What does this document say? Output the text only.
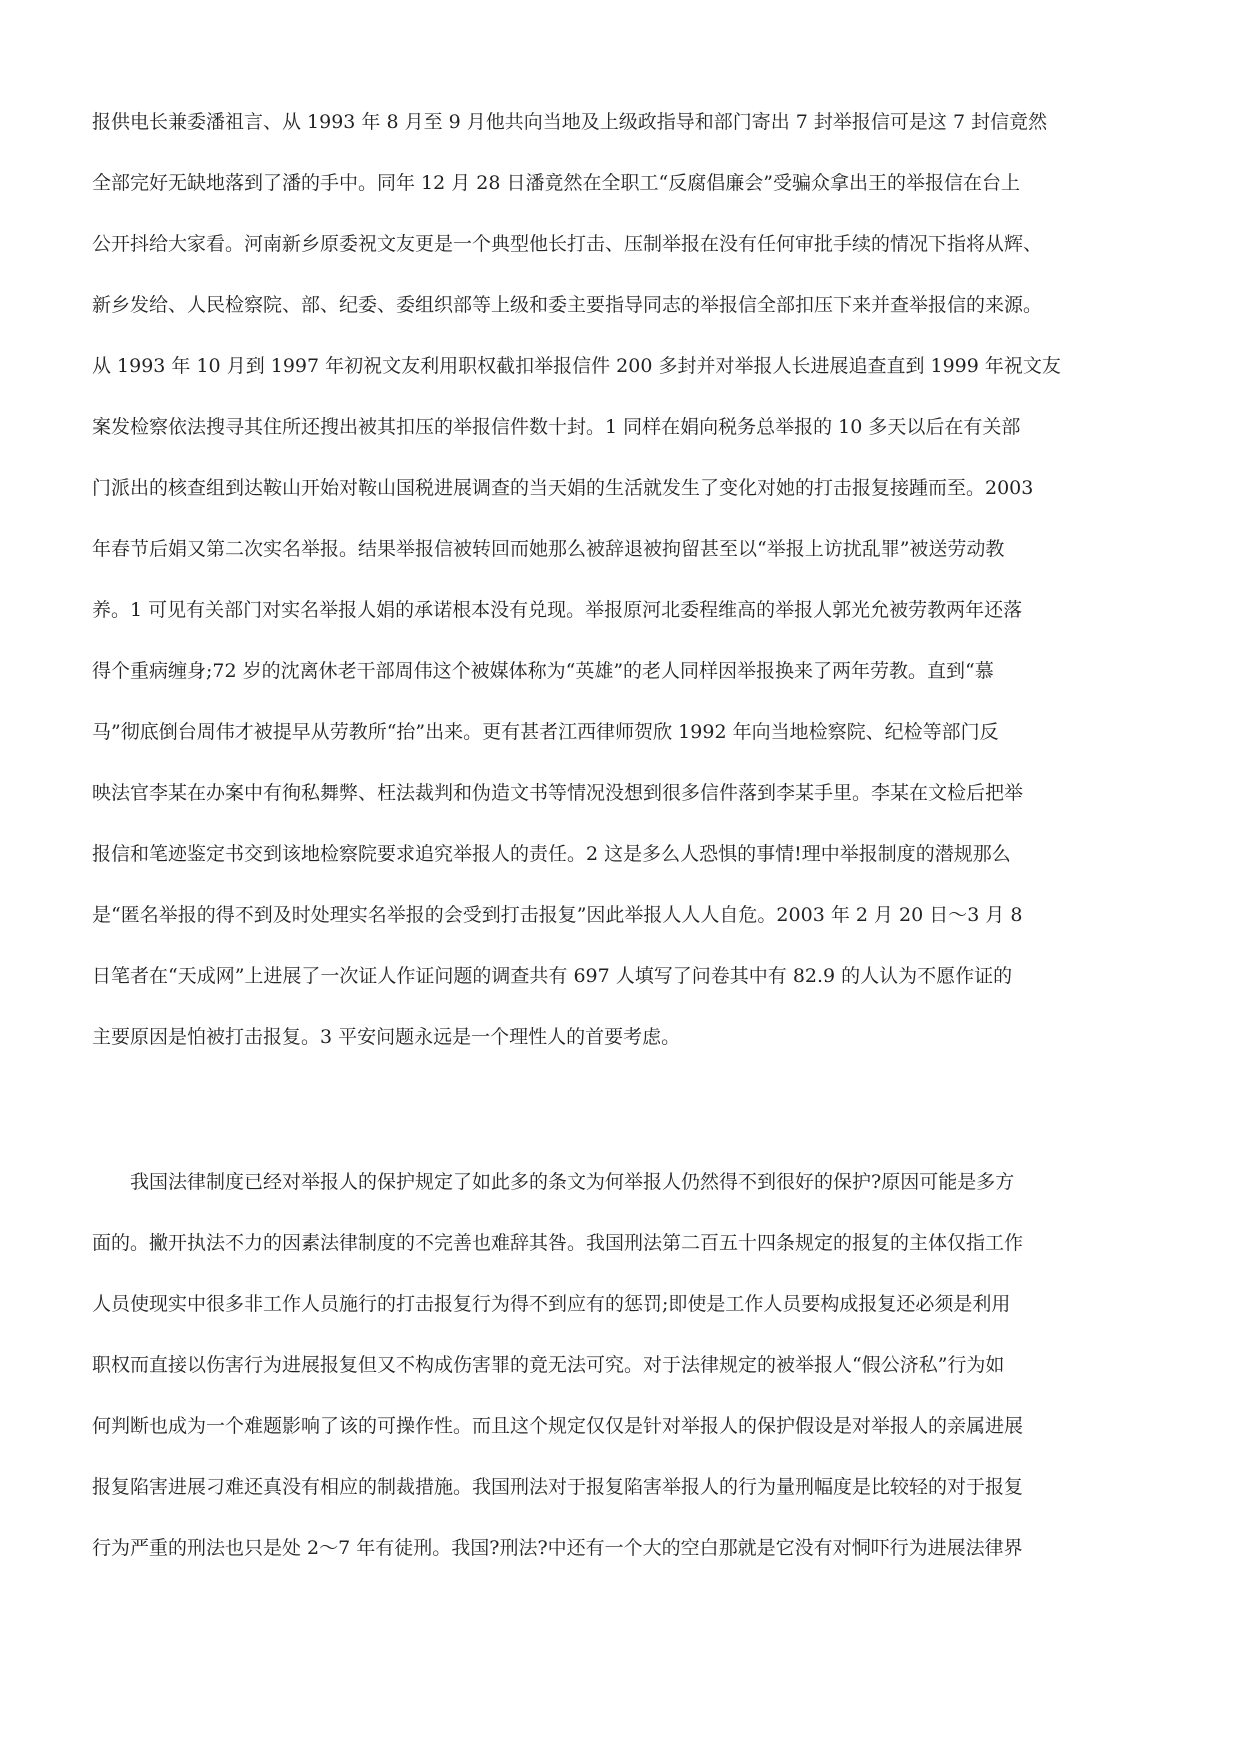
报供电长兼委潘祖言、从 1993 年 8 月至 9 月他共向当地及上级政指导和部门寄出 7 封举报信可是这 7 封信竟然
全部完好无缺地落到了潘的手中。同年 12 月 28 日潘竟然在全职工“反腐倡廉会”受骗众拿出王的举报信在台上
公开抖给大家看。河南新乡原委祝文友更是一个典型他长打击、压制举报在没有任何审批手续的情况下指将从辉、
新乡发给、人民检察院、部、纪委、委组织部等上级和委主要指导同志的举报信全部扣压下来并查举报信的来源。
从 1993 年 10 月到 1997 年初祝文友利用职权截扣举报信件 200 多封并对举报人长进展追查直到 1999 年祝文友
案发检察依法搜寻其住所还搜出被其扣压的举报信件数十封。1 同样在娟向税务总举报的 10 多天以后在有关部
门派出的核查组到达鞍山开始对鞍山国税进展调查的当天娟的生活就发生了变化对她的打击报复接踵而至。2003
年春节后娟又第二次实名举报。结果举报信被转回而她那么被辞退被拘留甚至以“举报上访扰乱罪”被送劳动教
养。1 可见有关部门对实名举报人娟的承诺根本没有兑现。举报原河北委程维高的举报人郭光允被劳教两年还落
得个重病缠身;72 岁的沈离休老干部周伟这个被媒体称为“英雄”的老人同样因举报换来了两年劳教。直到“慕
马”彻底倒台周伟才被提早从劳教所“抬”出来。更有甚者江西律师贺欣 1992 年向当地检察院、纪检等部门反
映法官李某在办案中有徇私舞弊、枉法裁判和伪造文书等情况没想到很多信件落到李某手里。李某在文检后把举
报信和笔迹鉴定书交到该地检察院要求追究举报人的责任。2 这是多么人恐惧的事情!理中举报制度的潜规那么
是“匿名举报的得不到及时处理实名举报的会受到打击报复”因此举报人人人自危。2003 年 2 月 20 日～3 月 8
日笔者在“天成网”上进展了一次证人作证问题的调查共有 697 人填写了问卷其中有 82.9 的人认为不愿作证的
主要原因是怕被打击报复。3 平安问题永远是一个理性人的首要考虑。
我国法律制度已经对举报人的保护规定了如此多的条文为何举报人仍然得不到很好的保护?原因可能是多方
面的。撇开执法不力的因素法律制度的不完善也难辞其咎。我国刑法第二百五十四条规定的报复的主体仅指工作
人员使现实中很多非工作人员施行的打击报复行为得不到应有的惩罚;即使是工作人员要构成报复还必须是利用
职权而直接以伤害行为进展报复但又不构成伤害罪的竟无法可究。对于法律规定的被举报人“假公济私”行为如
何判断也成为一个难题影响了该的可操作性。而且这个规定仅仅是针对举报人的保护假设是对举报人的亲属进展
报复陷害进展刁难还真没有相应的制裁措施。我国刑法对于报复陷害举报人的行为量刑幅度是比较轻的对于报复
行为严重的刑法也只是处 2～7 年有徒刑。我国?刑法?中还有一个大的空白那就是它没有对恫吓行为进展法律界
